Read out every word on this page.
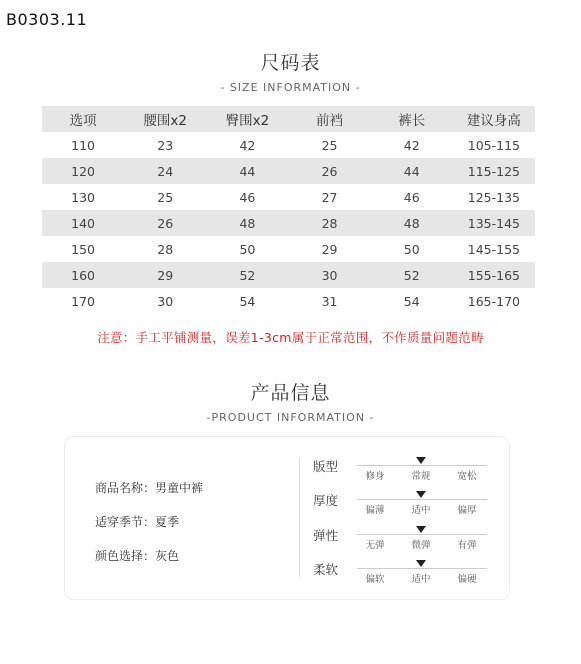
B0303.11
尺码表
- SIZE INFORMATION -
选项	腰围x2	臀围x2	前裆	裤长	建议身高
110	23	42	25	42	105-115
120	24	44	26	44	115-125
130	25	46	27	46	125-135
140	26	48	28	48	135-145
150	28	50	29	50	145-155
160	29	52	30	52	155-165
170	30	54	31	54	165-170
注意：手工平铺测量，误差1-3cm属于正常范围，不作质量问题范畴
产品信息
-PRODUCT INFORMATION -
商品名称：男童中裤
适穿季节：夏季
颜色选择：灰色
版型
修身	常规	宽松
厚度
偏薄	适中	偏厚
弹性
无弹	微弹	有弹
柔软
偏软	适中	偏硬
